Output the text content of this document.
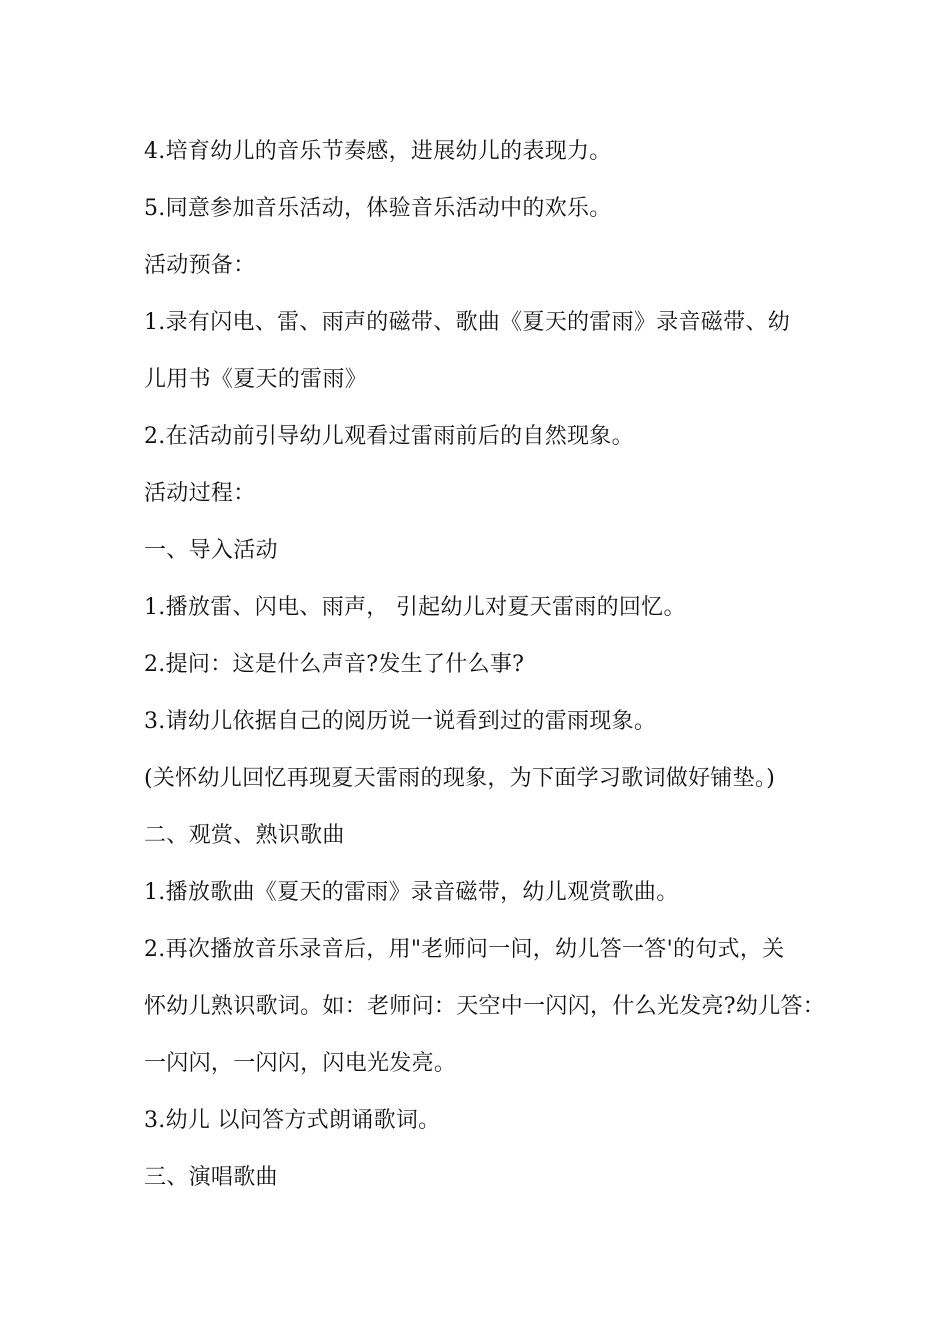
4.培育幼儿的音乐节奏感，进展幼儿的表现力。
5.同意参加音乐活动，体验音乐活动中的欢乐。
活动预备：
1.录有闪电、雷、雨声的磁带、歌曲《夏天的雷雨》录音磁带、幼
儿用书《夏天的雷雨》
2.在活动前引导幼儿观看过雷雨前后的自然现象。
活动过程：
一、导入活动
1.播放雷、闪电、雨声， 引起幼儿对夏天雷雨的回忆。
2.提问：这是什么声音?发生了什么事?
3.请幼儿依据自己的阅历说一说看到过的雷雨现象。
(关怀幼儿回忆再现夏天雷雨的现象，为下面学习歌词做好铺垫。)
二、观赏、熟识歌曲
1.播放歌曲《夏天的雷雨》录音磁带，幼儿观赏歌曲。
2.再次播放音乐录音后，用"老师问一问，幼儿答一答'的句式，关
怀幼儿熟识歌词。如：老师问：天空中一闪闪，什么光发亮?幼儿答：
一闪闪，一闪闪，闪电光发亮。
3.幼儿 以问答方式朗诵歌词。
三、演唱歌曲
